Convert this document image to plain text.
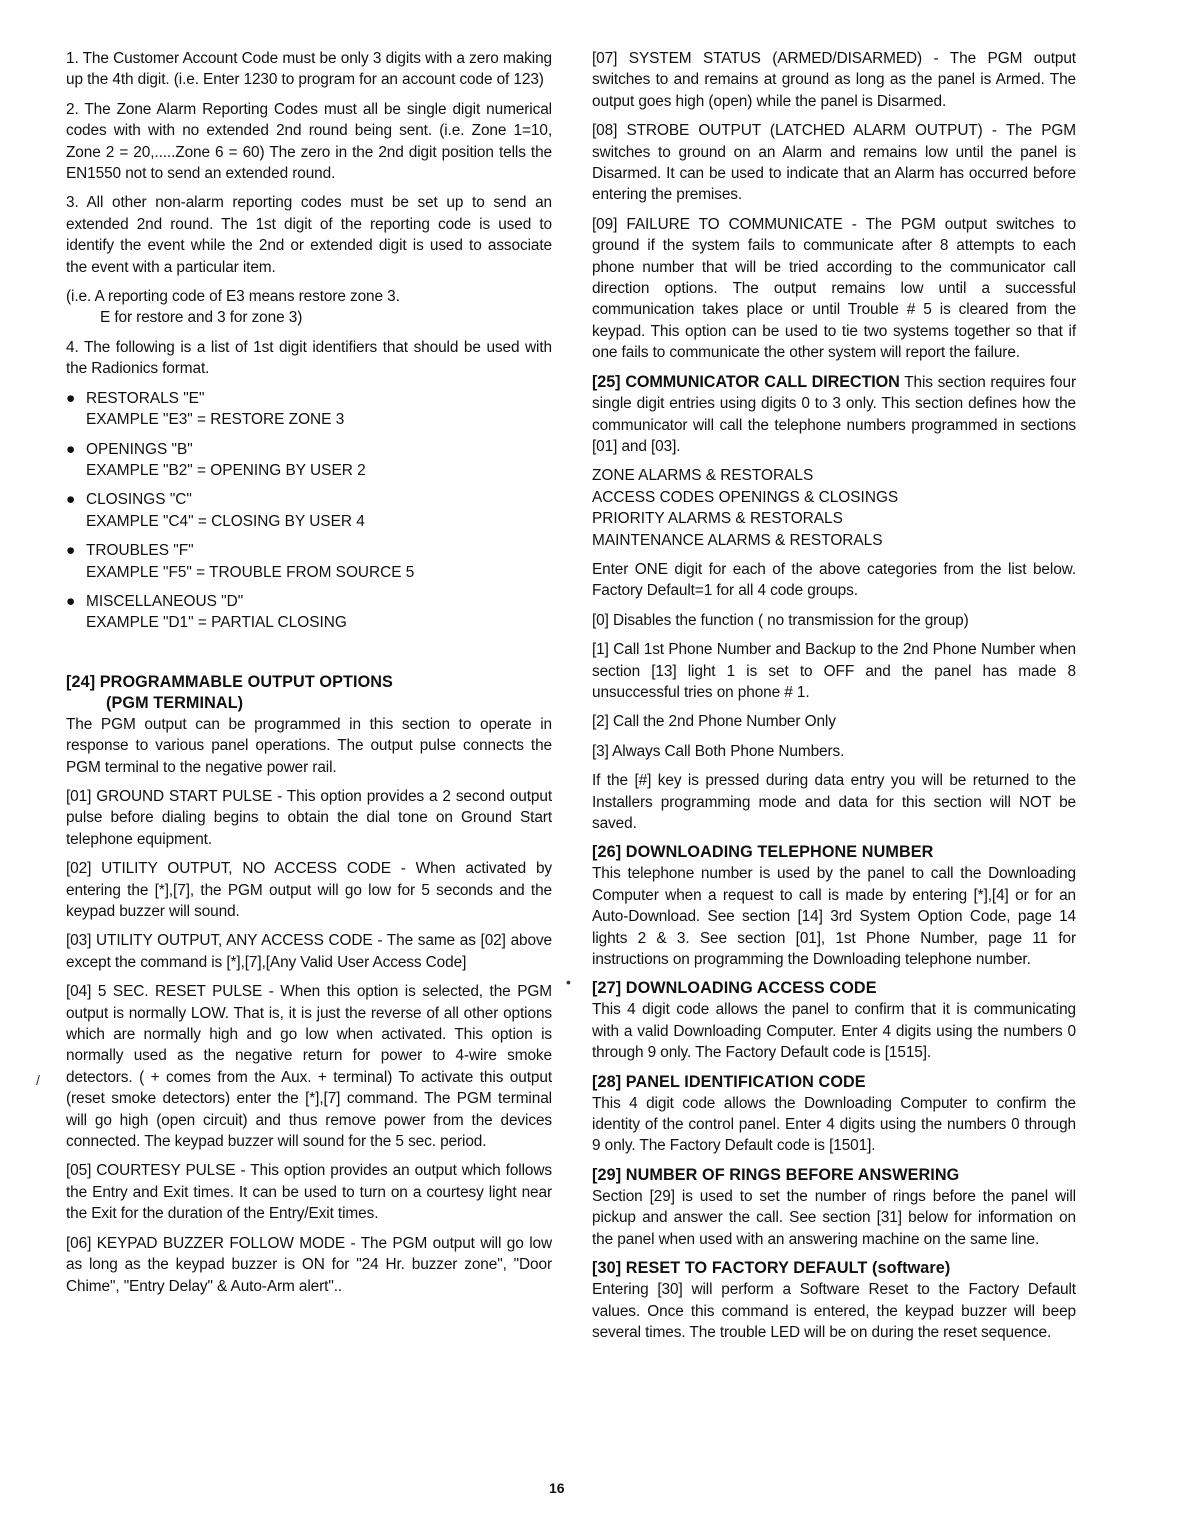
1. The Customer Account Code must be only 3 digits with a zero making up the 4th digit. (i.e. Enter 1230 to program for an account code of 123)

2. The Zone Alarm Reporting Codes must all be single digit numerical codes with with no extended 2nd round being sent. (i.e. Zone 1=10, Zone 2 = 20,.....Zone 6 = 60) The zero in the 2nd digit position tells the EN1550 not to send an extended round.

3. All other non-alarm reporting codes must be set up to send an extended 2nd round. The 1st digit of the reporting code is used to identify the event while the 2nd or extended digit is used to associate the event with a particular item.

(i.e. A reporting code of E3 means restore zone 3.
E for restore and 3 for zone 3)

4. The following is a list of 1st digit identifiers that should be used with the Radionics format.

● RESTORALS "E"
EXAMPLE "E3" = RESTORE ZONE 3
● OPENINGS "B"
EXAMPLE "B2" = OPENING BY USER 2
● CLOSINGS "C"
EXAMPLE "C4" = CLOSING BY USER 4
● TROUBLES "F"
EXAMPLE "F5" = TROUBLE FROM SOURCE 5
● MISCELLANEOUS "D"
EXAMPLE "D1" = PARTIAL CLOSING
[24] PROGRAMMABLE OUTPUT OPTIONS
(PGM TERMINAL)

The PGM output can be programmed in this section to operate in response to various panel operations. The output pulse connects the PGM terminal to the negative power rail.

[01] GROUND START PULSE - This option provides a 2 second output pulse before dialing begins to obtain the dial tone on Ground Start telephone equipment.

[02] UTILITY OUTPUT, NO ACCESS CODE - When activated by entering the [*],[7], the PGM output will go low for 5 seconds and the keypad buzzer will sound.

[03] UTILITY OUTPUT, ANY ACCESS CODE - The same as [02] above except the command is [*],[7],[Any Valid User Access Code]

[04] 5 SEC. RESET PULSE - When this option is selected, the PGM output is normally LOW. That is, it is just the reverse of all other options which are normally high and go low when activated. This option is normally used as the negative return for power to 4-wire smoke detectors. ( + comes from the Aux. + terminal) To activate this output (reset smoke detectors) enter the [*],[7] command. The PGM terminal will go high (open circuit) and thus remove power from the devices connected. The keypad buzzer will sound for the 5 sec. period.

[05] COURTESY PULSE - This option provides an output which follows the Entry and Exit times. It can be used to turn on a courtesy light near the Exit for the duration of the Entry/Exit times.

[06] KEYPAD BUZZER FOLLOW MODE - The PGM output will go low as long as the keypad buzzer is ON for "24 Hr. buzzer zone", "Door Chime", "Entry Delay" & Auto-Arm alert"..

[07] SYSTEM STATUS (ARMED/DISARMED) - The PGM output switches to and remains at ground as long as the panel is Armed. The output goes high (open) while the panel is Disarmed.

[08] STROBE OUTPUT (LATCHED ALARM OUTPUT) - The PGM switches to ground on an Alarm and remains low until the panel is Disarmed. It can be used to indicate that an Alarm has occurred before entering the premises.

[09] FAILURE TO COMMUNICATE - The PGM output switches to ground if the system fails to communicate after 8 attempts to each phone number that will be tried according to the communicator call direction options. The output remains low until a successful communication takes place or until Trouble # 5 is cleared from the keypad. This option can be used to tie two systems together so that if one fails to communicate the other system will report the failure.

[25] COMMUNICATOR CALL DIRECTION This section requires four single digit entries using digits 0 to 3 only. This section defines how the communicator will call the telephone numbers programmed in sections [01] and [03].

ZONE ALARMS & RESTORALS
ACCESS CODES OPENINGS & CLOSINGS
PRIORITY ALARMS & RESTORALS
MAINTENANCE ALARMS & RESTORALS

Enter ONE digit for each of the above categories from the list below. Factory Default=1 for all 4 code groups.

[0] Disables the function ( no transmission for the group)

[1] Call 1st Phone Number and Backup to the 2nd Phone Number when section [13] light 1 is set to OFF and the panel has made 8 unsuccessful tries on phone # 1.

[2] Call the 2nd Phone Number Only

[3] Always Call Both Phone Numbers.

If the [#] key is pressed during data entry you will be returned to the Installers programming mode and data for this section will NOT be saved.

[26] DOWNLOADING TELEPHONE NUMBER

This telephone number is used by the panel to call the Downloading Computer when a request to call is made by entering [*],[4] or for an Auto-Download. See section [14] 3rd System Option Code, page 14 lights 2 & 3. See section [01], 1st Phone Number, page 11 for instructions on programming the Downloading telephone number.

[27] DOWNLOADING ACCESS CODE

This 4 digit code allows the panel to confirm that it is communicating with a valid Downloading Computer. Enter 4 digits using the numbers 0 through 9 only. The Factory Default code is [1515].

[28] PANEL IDENTIFICATION CODE

This 4 digit code allows the Downloading Computer to confirm the identity of the control panel. Enter 4 digits using the numbers 0 through 9 only. The Factory Default code is [1501].

[29] NUMBER OF RINGS BEFORE ANSWERING

Section [29] is used to set the number of rings before the panel will pickup and answer the call. See section [31] below for information on the panel when used with an answering machine on the same line.

[30] RESET TO FACTORY DEFAULT (software)

Entering [30] will perform a Software Reset to the Factory Default values. Once this command is entered, the keypad buzzer will beep several times. The trouble LED will be on during the reset sequence.

/
•
16
